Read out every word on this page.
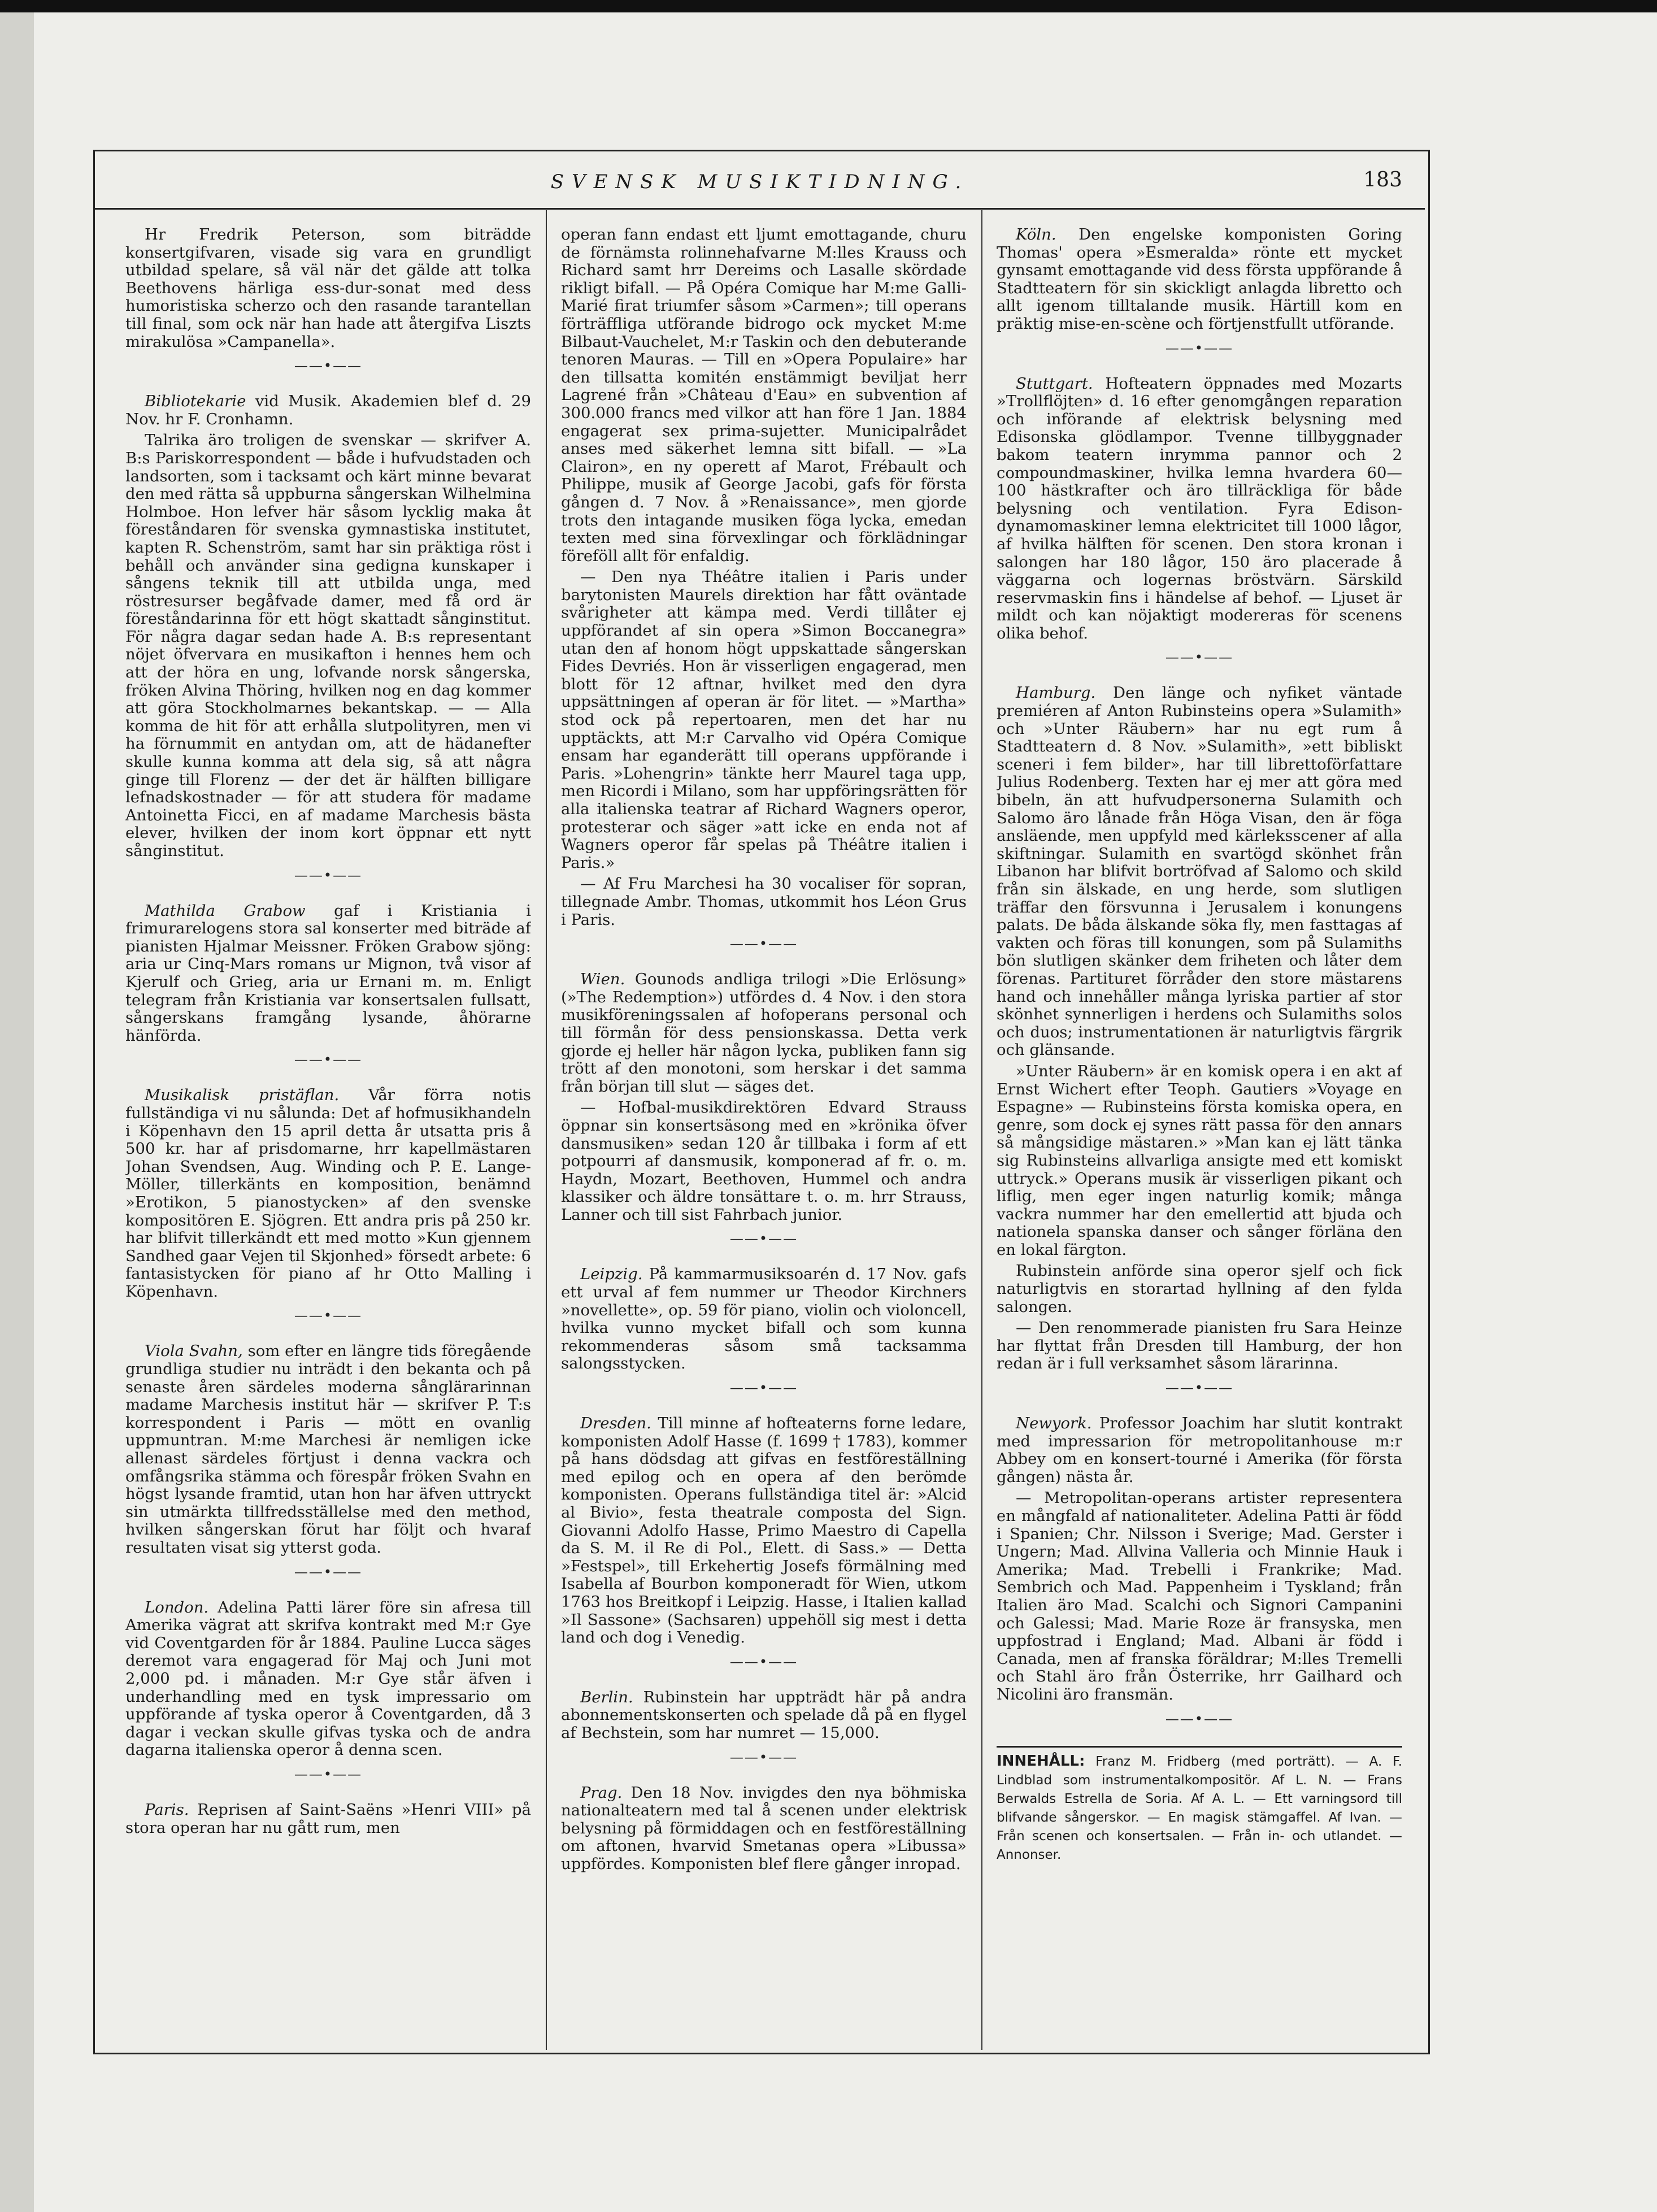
SVENSK MUSIKTIDNING.	183

Hr Fredrik Peterson, som biträdde konsertgifvaren, visade sig vara en grundligt utbildad spelare, så väl när det gälde att tolka Beethovens härliga ess-dur-sonat med dess humoristiska scherzo och den rasande tarantellan till final, som ock när han hade att återgifva Liszts mirakulösa »Campanella».

——•——

Bibliotekarie vid Musik. Akademien blef d. 29 Nov. hr F. Cronhamn.

Talrika äro troligen de svenskar — skrifver A. B:s Pariskorrespondent — både i hufvudstaden och landsorten, som i tacksamt och kärt minne bevarat den med rätta så uppburna sångerskan Wilhelmina Holmboe. Hon lefver här såsom lycklig maka åt föreståndaren för svenska gymnastiska institutet, kapten R. Schenström, samt har sin präktiga röst i behåll och använder sina gedigna kunskaper i sångens teknik till att utbilda unga, med röstresurser begåfvade damer, med få ord är föreståndarinna för ett högt skattadt sånginstitut. För några dagar sedan hade A. B:s representant nöjet öfvervara en musikafton i hennes hem och att der höra en ung, lofvande norsk sångerska, fröken Alvina Thöring, hvilken nog en dag kommer att göra Stockholmarnes bekantskap. — — Alla komma de hit för att erhålla slutpolityren, men vi ha förnummit en antydan om, att de hädanefter skulle kunna komma att dela sig, så att några ginge till Florenz — der det är hälften billigare lefnadskostnader — för att studera för madame Antoinetta Ficci, en af madame Marchesis bästa elever, hvilken der inom kort öppnar ett nytt sånginstitut.

——•——

Mathilda Grabow gaf i Kristiania i frimurarelogens stora sal konserter med biträde af pianisten Hjalmar Meissner. Fröken Grabow sjöng: aria ur Cinq-Mars romans ur Mignon, två visor af Kjerulf och Grieg, aria ur Ernani m. m. Enligt telegram från Kristiania var konsertsalen fullsatt, sångerskans framgång lysande, åhörarne hänförda.

——•——

Musikalisk pristäflan. Vår förra notis fullständiga vi nu sålunda: Det af hofmusikhandeln i Köpenhavn den 15 april detta år utsatta pris å 500 kr. har af prisdomarne, hrr kapellmästaren Johan Svendsen, Aug. Winding och P. E. Lange-Möller, tillerkänts en komposition, benämnd »Erotikon, 5 pianostycken» af den svenske kompositören E. Sjögren. Ett andra pris på 250 kr. har blifvit tillerkändt ett med motto »Kun gjennem Sandhed gaar Vejen til Skjonhed» försedt arbete: 6 fantasistycken för piano af hr Otto Malling i Köpenhavn.

——•——

Viola Svahn, som efter en längre tids föregående grundliga studier nu inträdt i den bekanta och på senaste åren särdeles moderna sånglärarinnan madame Marchesis institut här — skrifver P. T:s korrespondent i Paris — mött en ovanlig uppmuntran. M:me Marchesi är nemligen icke allenast särdeles förtjust i denna vackra och omfångsrika stämma och förespår fröken Svahn en högst lysande framtid, utan hon har äfven uttryckt sin utmärkta tillfredsställelse med den method, hvilken sångerskan förut har följt och hvaraf resultaten visat sig ytterst goda.

——•——

London. Adelina Patti lärer före sin afresa till Amerika vägrat att skrifva kontrakt med M:r Gye vid Coventgarden för år 1884. Pauline Lucca säges deremot vara engagerad för Maj och Juni mot 2,000 pd. i månaden. M:r Gye står äfven i underhandling med en tysk impressario om uppförande af tyska operor å Coventgarden, då 3 dagar i veckan skulle gifvas tyska och de andra dagarna italienska operor å denna scen.

——•——

Paris. Reprisen af Saint-Saëns »Henri VIII» på stora operan har nu gått rum, men

operan fann endast ett ljumt emottagande, churu de förnämsta rolinnehafvarne M:lles Krauss och Richard samt hrr Dereims och Lasalle skördade rikligt bifall. — På Opéra Comique har M:me Galli-Marié firat triumfer såsom »Carmen»; till operans förträffliga utförande bidrogo ock mycket M:me Bilbaut-Vauchelet, M:r Taskin och den debuterande tenoren Mauras. — Till en »Opera Populaire» har den tillsatta komitén enstämmigt beviljat herr Lagrené från »Château d'Eau» en subvention af 300.000 francs med vilkor att han före 1 Jan. 1884 engagerat sex prima-sujetter. Municipalrådet anses med säkerhet lemna sitt bifall. — »La Clairon», en ny operett af Marot, Frébault och Philippe, musik af George Jacobi, gafs för första gången d. 7 Nov. å »Renaissance», men gjorde trots den intagande musiken föga lycka, emedan texten med sina förvexlingar och förklädningar föreföll allt för enfaldig.

— Den nya Théâtre italien i Paris under barytonisten Maurels direktion har fått oväntade svårigheter att kämpa med. Verdi tillåter ej uppförandet af sin opera »Simon Boccanegra» utan den af honom högt uppskattade sångerskan Fides Devriés. Hon är visserligen engagerad, men blott för 12 aftnar, hvilket med den dyra uppsättningen af operan är för litet. — »Martha» stod ock på repertoaren, men det har nu upptäckts, att M:r Carvalho vid Opéra Comique ensam har eganderätt till operans uppförande i Paris. »Lohengrin» tänkte herr Maurel taga upp, men Ricordi i Milano, som har uppföringsrätten för alla italienska teatrar af Richard Wagners operor, protesterar och säger »att icke en enda not af Wagners operor får spelas på Théâtre italien i Paris.»

— Af Fru Marchesi ha 30 vocaliser för sopran, tillegnade Ambr. Thomas, utkommit hos Léon Grus i Paris.

——•——

Wien. Gounods andliga trilogi »Die Erlösung» (»The Redemption») utfördes d. 4 Nov. i den stora musikföreningssalen af hofoperans personal och till förmån för dess pensionskassa. Detta verk gjorde ej heller här någon lycka, publiken fann sig trött af den monotoni, som herskar i det samma från början till slut — säges det.

— Hofbal-musikdirektören Edvard Strauss öppnar sin konsertsäsong med en »krönika öfver dansmusiken» sedan 120 år tillbaka i form af ett potpourri af dansmusik, komponerad af fr. o. m. Haydn, Mozart, Beethoven, Hummel och andra klassiker och äldre tonsättare t. o. m. hrr Strauss, Lanner och till sist Fahrbach junior.

——•——

Leipzig. På kammarmusiksoarén d. 17 Nov. gafs ett urval af fem nummer ur Theodor Kirchners »novellette», op. 59 för piano, violin och violoncell, hvilka vunno mycket bifall och som kunna rekommenderas såsom små tacksamma salongsstycken.

——•——

Dresden. Till minne af hofteaterns forne ledare, komponisten Adolf Hasse (f. 1699 † 1783), kommer på hans dödsdag att gifvas en festföreställning med epilog och en opera af den berömde komponisten. Operans fullständiga titel är: »Alcid al Bivio», festa theatrale composta del Sign. Giovanni Adolfo Hasse, Primo Maestro di Capella da S. M. il Re di Pol., Elett. di Sass.» — Detta »Festspel», till Erkehertig Josefs förmälning med Isabella af Bourbon komponeradt för Wien, utkom 1763 hos Breitkopf i Leipzig. Hasse, i Italien kallad »Il Sassone» (Sachsaren) uppehöll sig mest i detta land och dog i Venedig.

——•——

Berlin. Rubinstein har uppträdt här på andra abonnementskonserten och spelade då på en flygel af Bechstein, som har numret — 15,000.

——•——

Prag. Den 18 Nov. invigdes den nya böhmiska nationalteatern med tal å scenen under elektrisk belysning på förmiddagen och en festföreställning om aftonen, hvarvid Smetanas opera »Libussa» uppfördes. Komponisten blef flere gånger inropad.

Köln. Den engelske komponisten Goring Thomas' opera »Esmeralda» rönte ett mycket gynsamt emottagande vid dess första uppförande å Stadtteatern för sin skickligt anlagda libretto och allt igenom tilltalande musik. Härtill kom en präktig mise-en-scène och förtjenstfullt utförande.

——•——

Stuttgart. Hofteatern öppnades med Mozarts »Trollflöjten» d. 16 efter genomgången reparation och införande af elektrisk belysning med Edisonska glödlampor. Tvenne tillbyggnader bakom teatern inrymma pannor och 2 compoundmaskiner, hvilka lemna hvardera 60—100 hästkrafter och äro tillräckliga för både belysning och ventilation. Fyra Edison-dynamomaskiner lemna elektricitet till 1000 lågor, af hvilka hälften för scenen. Den stora kronan i salongen har 180 lågor, 150 äro placerade å väggarna och logernas bröstvärn. Särskild reservmaskin fins i händelse af behof. — Ljuset är mildt och kan nöjaktigt modereras för scenens olika behof.

——•——

Hamburg. Den länge och nyfiket väntade premiéren af Anton Rubinsteins opera »Sulamith» och »Unter Räubern» har nu egt rum å Stadtteatern d. 8 Nov. »Sulamith», »ett bibliskt sceneri i fem bilder», har till librettoförfattare Julius Rodenberg. Texten har ej mer att göra med bibeln, än att hufvudpersonerna Sulamith och Salomo äro lånade från Höga Visan, den är föga ansläende, men uppfyld med kärleksscener af alla skiftningar. Sulamith en svartögd skönhet från Libanon har blifvit bortröfvad af Salomo och skild från sin älskade, en ung herde, som slutligen träffar den försvunna i Jerusalem i konungens palats. De båda älskande söka fly, men fasttagas af vakten och föras till konungen, som på Sulamiths bön slutligen skänker dem friheten och låter dem förenas. Partituret förråder den store mästarens hand och innehåller många lyriska partier af stor skönhet synnerligen i herdens och Sulamiths solos och duos; instrumentationen är naturligtvis färgrik och glänsande.

»Unter Räubern» är en komisk opera i en akt af Ernst Wichert efter Teoph. Gautiers »Voyage en Espagne» — Rubinsteins första komiska opera, en genre, som dock ej synes rätt passa för den annars så mångsidige mästaren.» »Man kan ej lätt tänka sig Rubinsteins allvarliga ansigte med ett komiskt uttryck.» Operans musik är visserligen pikant och liflig, men eger ingen naturlig komik; många vackra nummer har den emellertid att bjuda och nationela spanska danser och sånger förläna den en lokal färgton.

Rubinstein anförde sina operor sjelf och fick naturligtvis en storartad hyllning af den fylda salongen.

— Den renommerade pianisten fru Sara Heinze har flyttat från Dresden till Hamburg, der hon redan är i full verksamhet såsom lärarinna.

——•——

Newyork. Professor Joachim har slutit kontrakt med impressarion för metropolitanhouse m:r Abbey om en konsert-tourné i Amerika (för första gången) nästa år.

— Metropolitan-operans artister representera en mångfald af nationaliteter. Adelina Patti är född i Spanien; Chr. Nilsson i Sverige; Mad. Gerster i Ungern; Mad. Allvina Valleria och Minnie Hauk i Amerika; Mad. Trebelli i Frankrike; Mad. Sembrich och Mad. Pappenheim i Tyskland; från Italien äro Mad. Scalchi och Signori Campanini och Galessi; Mad. Marie Roze är fransyska, men uppfostrad i England; Mad. Albani är född i Canada, men af franska föräldrar; M:lles Tremelli och Stahl äro från Österrike, hrr Gailhard och Nicolini äro fransmän.

——•——
INNEHÅLL: Franz M. Fridberg (med porträtt). — A. F. Lindblad som instrumentalkompositör. Af L. N. — Frans Berwalds Estrella de Soria. Af A. L. — Ett varningsord till blifvande sångerskor. — En magisk stämgaffel. Af Ivan. — Från scenen och konsertsalen. — Från in- och utlandet. — Annonser.
